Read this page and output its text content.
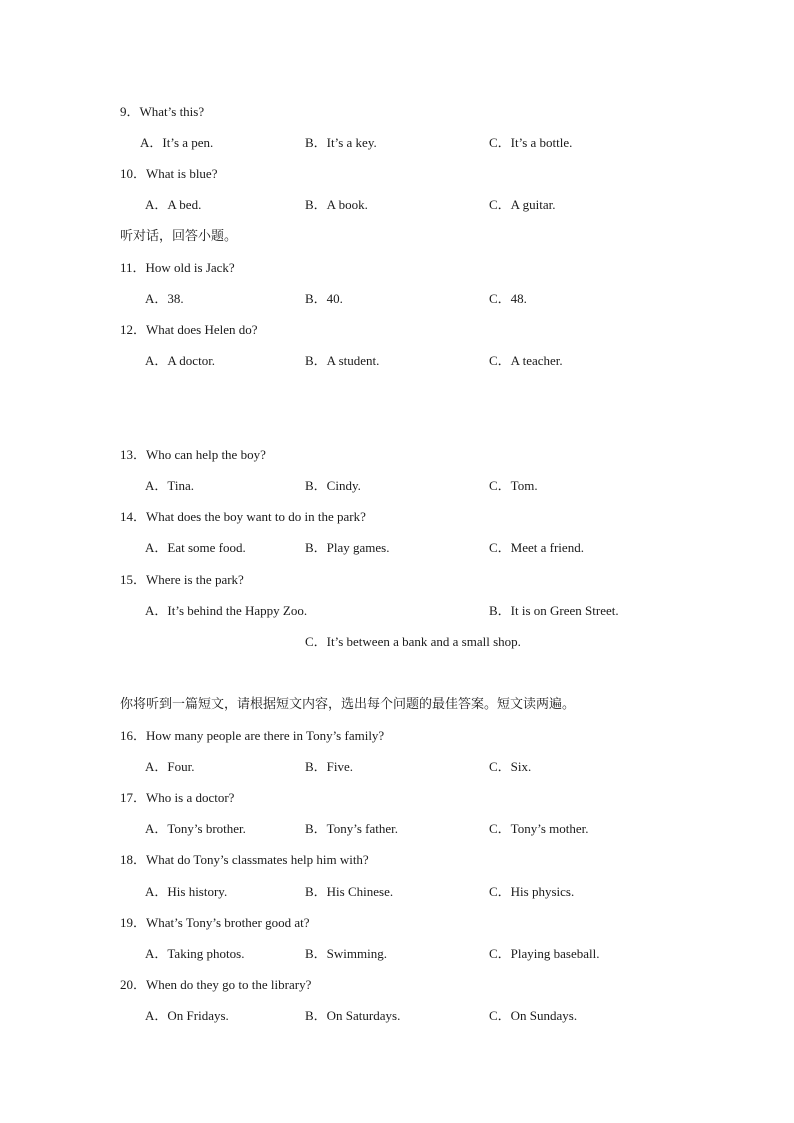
9．What’s this?
A．It’s a pen.	B．It’s a key.	C．It’s a bottle.
10．What is blue?
A．A bed.	B．A book.	C．A guitar.
听对话，回答小题。
11．How old is Jack?
A．38.	B．40.	C．48.
12．What does Helen do?
A．A doctor.	B．A student.	C．A teacher.
13．Who can help the boy?
A．Tina.	B．Cindy.	C．Tom.
14．What does the boy want to do in the park?
A．Eat some food.	B．Play games.	C．Meet a friend.
15．Where is the park?
A．It’s behind the Happy Zoo.	B．It is on Green Street.
C．It’s between a bank and a small shop.
你将听到一篇短文，请根据短文内容，选出每个问题的最佳答案。短文读两遍。
16．How many people are there in Tony’s family?
A．Four.	B．Five.	C．Six.
17．Who is a doctor?
A．Tony’s brother.	B．Tony’s father.	C．Tony’s mother.
18．What do Tony’s classmates help him with?
A．His history.	B．His Chinese.	C．His physics.
19．What’s Tony’s brother good at?
A．Taking photos.	B．Swimming.	C．Playing baseball.
20．When do they go to the library?
A．On Fridays.	B．On Saturdays.	C．On Sundays.
